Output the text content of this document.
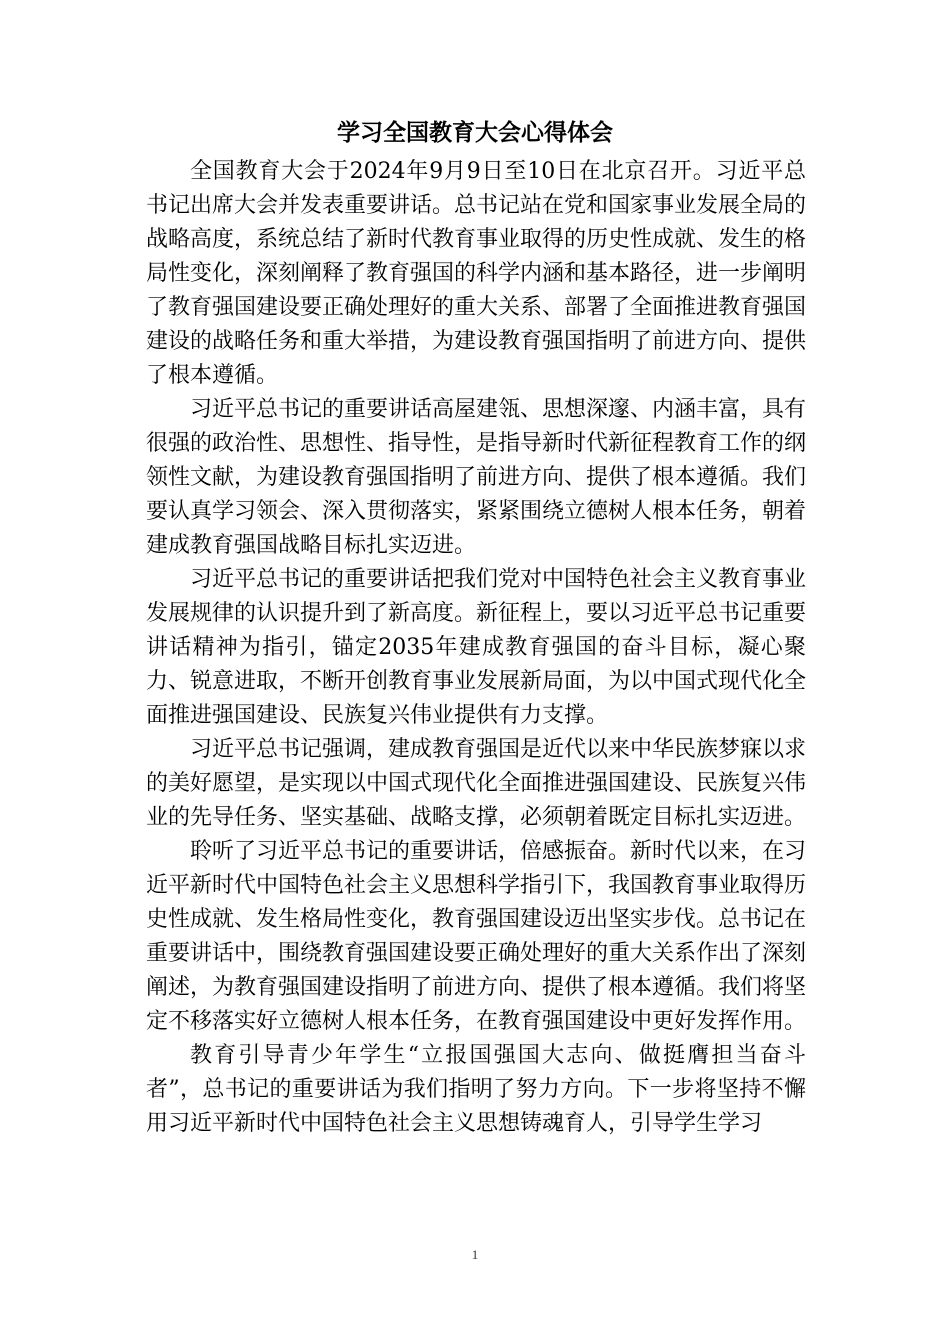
学习全国教育大会心得体会

全国教育大会于2024年9月9日至10日在北京召开。习近平总书记出席大会并发表重要讲话。总书记站在党和国家事业发展全局的战略高度，系统总结了新时代教育事业取得的历史性成就、发生的格局性变化，深刻阐释了教育强国的科学内涵和基本路径，进一步阐明了教育强国建设要正确处理好的重大关系、部署了全面推进教育强国建设的战略任务和重大举措，为建设教育强国指明了前进方向、提供了根本遵循。

习近平总书记的重要讲话高屋建瓴、思想深邃、内涵丰富，具有很强的政治性、思想性、指导性，是指导新时代新征程教育工作的纲领性文献，为建设教育强国指明了前进方向、提供了根本遵循。我们要认真学习领会、深入贯彻落实，紧紧围绕立德树人根本任务，朝着建成教育强国战略目标扎实迈进。

习近平总书记的重要讲话把我们党对中国特色社会主义教育事业发展规律的认识提升到了新高度。新征程上，要以习近平总书记重要讲话精神为指引，锚定2035年建成教育强国的奋斗目标，凝心聚力、锐意进取，不断开创教育事业发展新局面，为以中国式现代化全面推进强国建设、民族复兴伟业提供有力支撑。

习近平总书记强调，建成教育强国是近代以来中华民族梦寐以求的美好愿望，是实现以中国式现代化全面推进强国建设、民族复兴伟业的先导任务、坚实基础、战略支撑，必须朝着既定目标扎实迈进。

聆听了习近平总书记的重要讲话，倍感振奋。新时代以来，在习近平新时代中国特色社会主义思想科学指引下，我国教育事业取得历史性成就、发生格局性变化，教育强国建设迈出坚实步伐。总书记在重要讲话中，围绕教育强国建设要正确处理好的重大关系作出了深刻阐述，为教育强国建设指明了前进方向、提供了根本遵循。我们将坚定不移落实好立德树人根本任务，在教育强国建设中更好发挥作用。

教育引导青少年学生“立报国强国大志向、做挺膺担当奋斗者”，总书记的重要讲话为我们指明了努力方向。下一步将坚持不懈用习近平新时代中国特色社会主义思想铸魂育人，引导学生学习

1
